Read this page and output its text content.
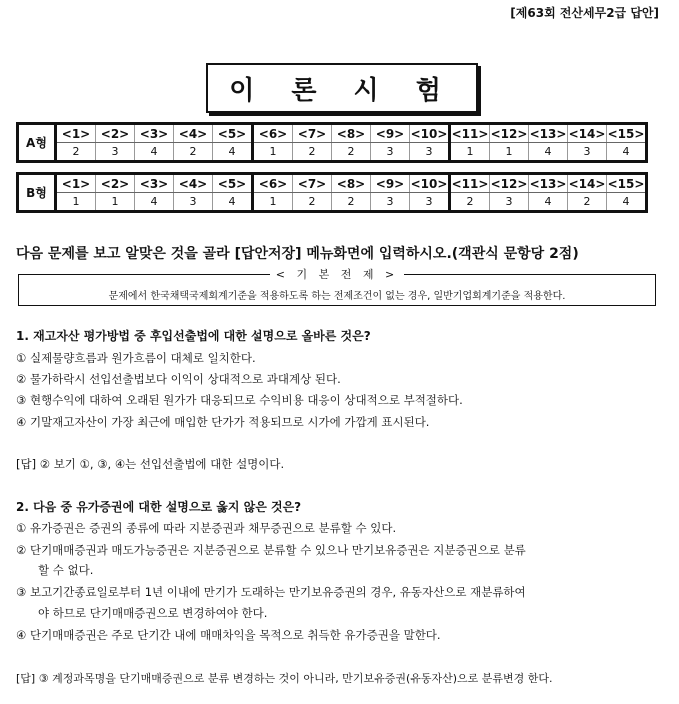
[제63회 전산세무2급 답안]
이 론 시 험
A형	<1>	<2>	<3>	<4>	<5>	<6>	<7>	<8>	<9>	<10>	<11>	<12>	<13>	<14>	<15>
	2	3	4	2	4	1	2	2	3	3	1	1	4	3	4
B형	<1>	<2>	<3>	<4>	<5>	<6>	<7>	<8>	<9>	<10>	<11>	<12>	<13>	<14>	<15>
	1	1	4	3	4	1	2	2	3	3	2	3	4	2	4
다음 문제를 보고 알맞은 것을 골라 [답안저장] 메뉴화면에 입력하시오.(객관식 문항당 2점)
< 기 본 전 제 >
문제에서 한국채택국제회계기준을 적용하도록 하는 전제조건이 없는 경우, 일반기업회계기준을 적용한다.
1. 재고자산 평가방법 중 후입선출법에 대한 설명으로 올바른 것은?
① 실제물량흐름과 원가흐름이 대체로 일치한다.
② 물가하락시 선입선출법보다 이익이 상대적으로 과대계상 된다.
③ 현행수익에 대하여 오래된 원가가 대응되므로 수익비용 대응이 상대적으로 부적절하다.
④ 기말재고자산이 가장 최근에 매입한 단가가 적용되므로 시가에 가깝게 표시된다.
[답] ② 보기 ①, ③, ④는 선입선출법에 대한 설명이다.
2. 다음 중 유가증권에 대한 설명으로 옳지 않은 것은?
① 유가증권은 증권의 종류에 따라 지분증권과 채무증권으로 분류할 수 있다.
② 단기매매증권과 매도가능증권은 지분증권으로 분류할 수 있으나 만기보유증권은 지분증권으로 분류
할 수 없다.
③ 보고기간종료일로부터 1년 이내에 만기가 도래하는 만기보유증권의 경우, 유동자산으로 재분류하여
야 하므로 단기매매증권으로 변경하여야 한다.
④ 단기매매증권은 주로 단기간 내에 매매차익을 목적으로 취득한 유가증권을 말한다.
[답] ③ 계정과목명을 단기매매증권으로 분류 변경하는 것이 아니라, 만기보유증권(유동자산)으로 분류변경 한다.
